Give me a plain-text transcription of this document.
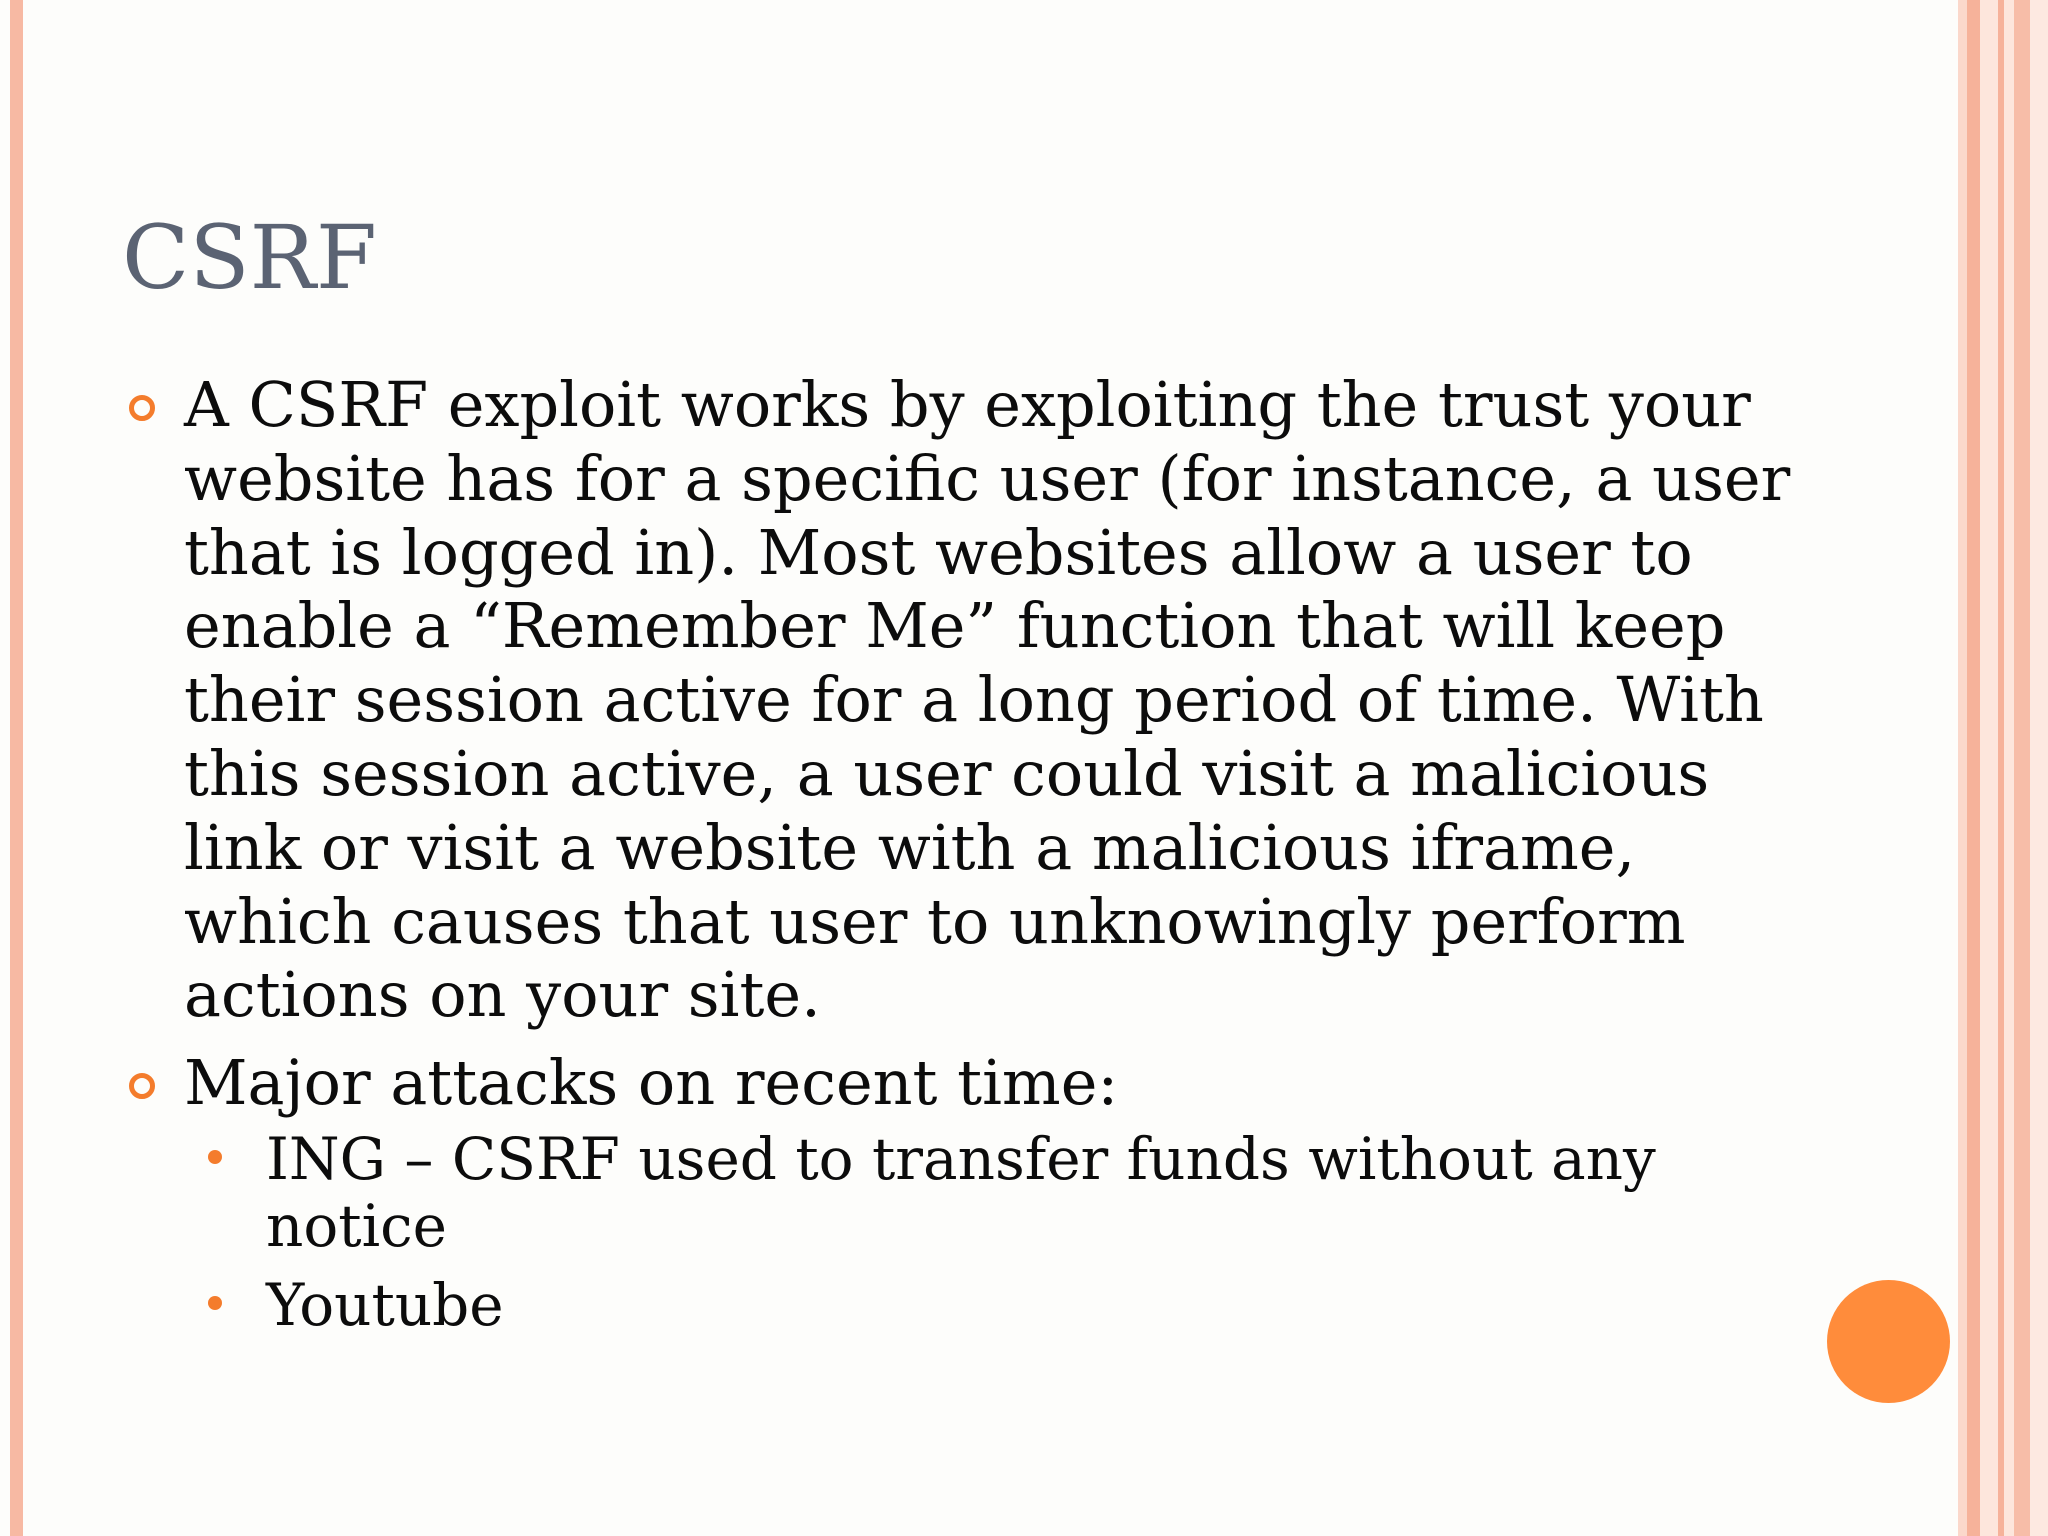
CSRF
A CSRF exploit works by exploiting the trust your website has for a specific user (for instance, a user that is logged in). Most websites allow a user to enable a “Remember Me” function that will keep their session active for a long period of time. With this session active, a user could visit a malicious link or visit a website with a malicious iframe, which causes that user to unknowingly perform actions on your site.
Major attacks on recent time:
ING – CSRF used to transfer funds without any notice
Youtube
